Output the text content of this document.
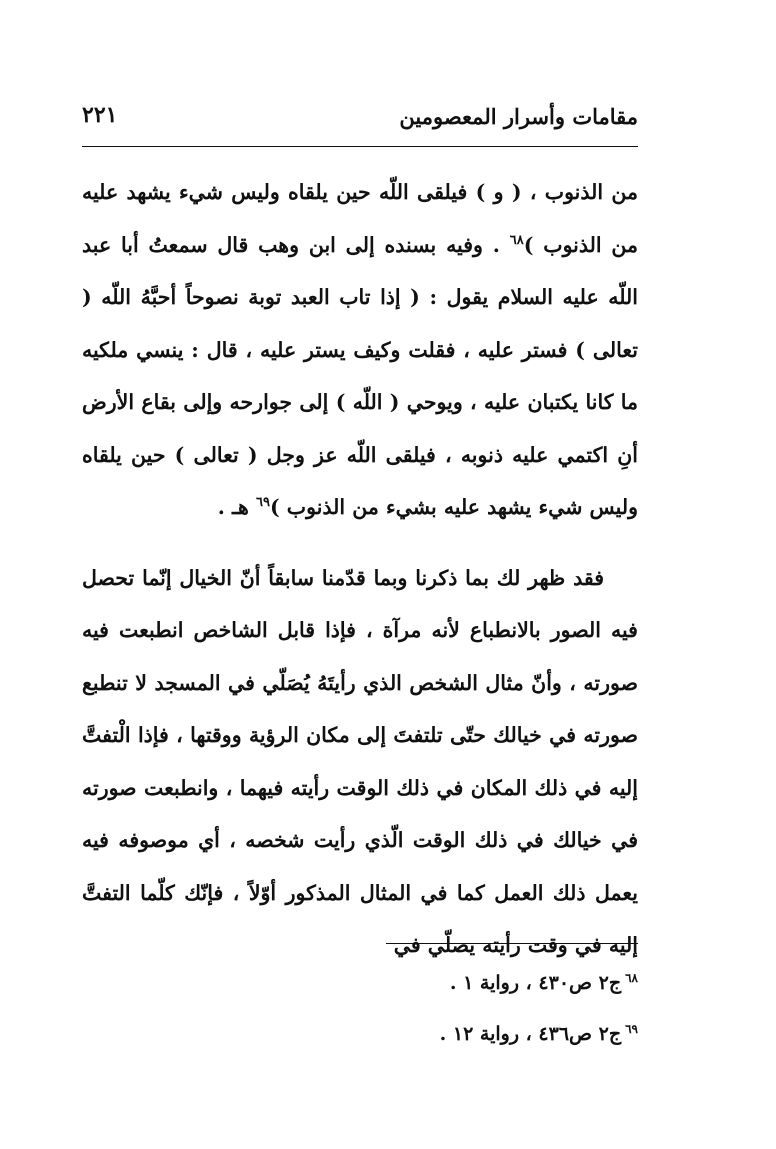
مقامات وأسرار المعصومين
٢٢١

من الذنوب ، ( و ) فيلقى اللّه حين يلقاه وليس شيء يشهد عليه من الذنوب )$^{٦٨}$ . وفيه بسنده إلى ابن وهب قال سمعتُ أبا عبد اللّه عليه السلام يقول : ( إذا تاب العبد توبة نصوحاً أحبَّهُ اللّه ( تعالى ) فستر عليه ، فقلت وكيف يستر عليه ، قال : ينسي ملكيه ما كانا يكتبان عليه ، ويوحي ( اللّه ) إلى جوارحه وإلى بقاع الأرض أنِ اكتمي عليه ذنوبه ، فيلقى اللّه عز وجل ( تعالى ) حين يلقاه وليس شيء يشهد عليه بشيء من الذنوب )$^{٦٩}$ هـ .

فقد ظهر لك بما ذكرنا وبما قدّمنا سابقاً أنّ الخيال إنّما تحصل فيه الصور بالانطباع لأنه مرآة ، فإذا قابل الشاخص انطبعت فيه صورته ، وأنّ مثال الشخص الذي رأيتَهُ يُصَلّي في المسجد لا تنطبع صورته في خيالك حتّى تلتفتَ إلى مكان الرؤية ووقتها ، فإذا الْتفتَّ إليه في ذلك المكان في ذلك الوقت رأيته فيهما ، وانطبعت صورته في خيالك في ذلك الوقت الّذي رأيت شخصه ، أي موصوفه فيه يعمل ذلك العمل كما في المثال المذكور أوّلاً ، فإنّك كلّما التفتَّ إليه في وقت رأيته يصلّي في

$^{٦٨}$ج٢ ص٤٣٠ ، رواية ١ .
$^{٦٩}$ج٢ ص٤٣٦ ، رواية ١٢ .
